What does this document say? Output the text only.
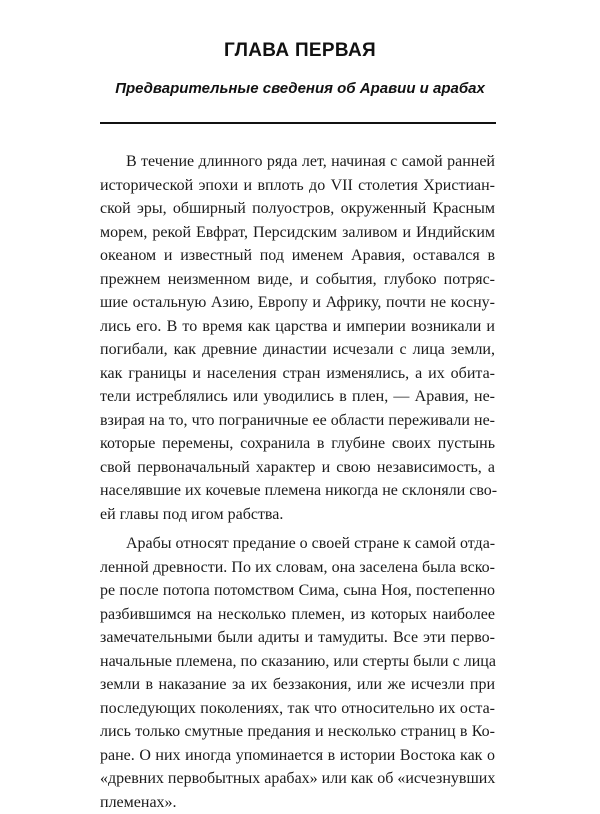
ГЛАВА ПЕРВАЯ
Предварительные сведения об Аравии и арабах
В течение длинного ряда лет, начиная с самой ранней
исторической эпохи и вплоть до VII столетия Христиан-
ской эры, обширный полуостров, окруженный Красным
морем, рекой Евфрат, Персидским заливом и Индийским
океаном и известный под именем Аравия, оставался в
прежнем неизменном виде, и события, глубоко потряс-
шие остальную Азию, Европу и Африку, почти не косну-
лись его. В то время как царства и империи возникали и
погибали, как древние династии исчезали с лица земли,
как границы и населения стран изменялись, а их обита-
тели истреблялись или уводились в плен, — Аравия, не-
взирая на то, что пограничные ее области переживали не-
которые перемены, сохранила в глубине своих пустынь
свой первоначальный характер и свою независимость, а
населявшие их кочевые племена никогда не склоняли сво-
ей главы под игом рабства.
Арабы относят предание о своей стране к самой отда-
ленной древности. По их словам, она заселена была вско-
ре после потопа потомством Сима, сына Ноя, постепенно
разбившимся на несколько племен, из которых наиболее
замечательными были адиты и тамудиты. Все эти перво-
начальные племена, по сказанию, или стерты были с лица
земли в наказание за их беззакония, или же исчезли при
последующих поколениях, так что относительно их оста-
лись только смутные предания и несколько страниц в Ко-
ране. О них иногда упоминается в истории Востока как о
«древних первобытных арабах» или как об «исчезнувших
племенах».
